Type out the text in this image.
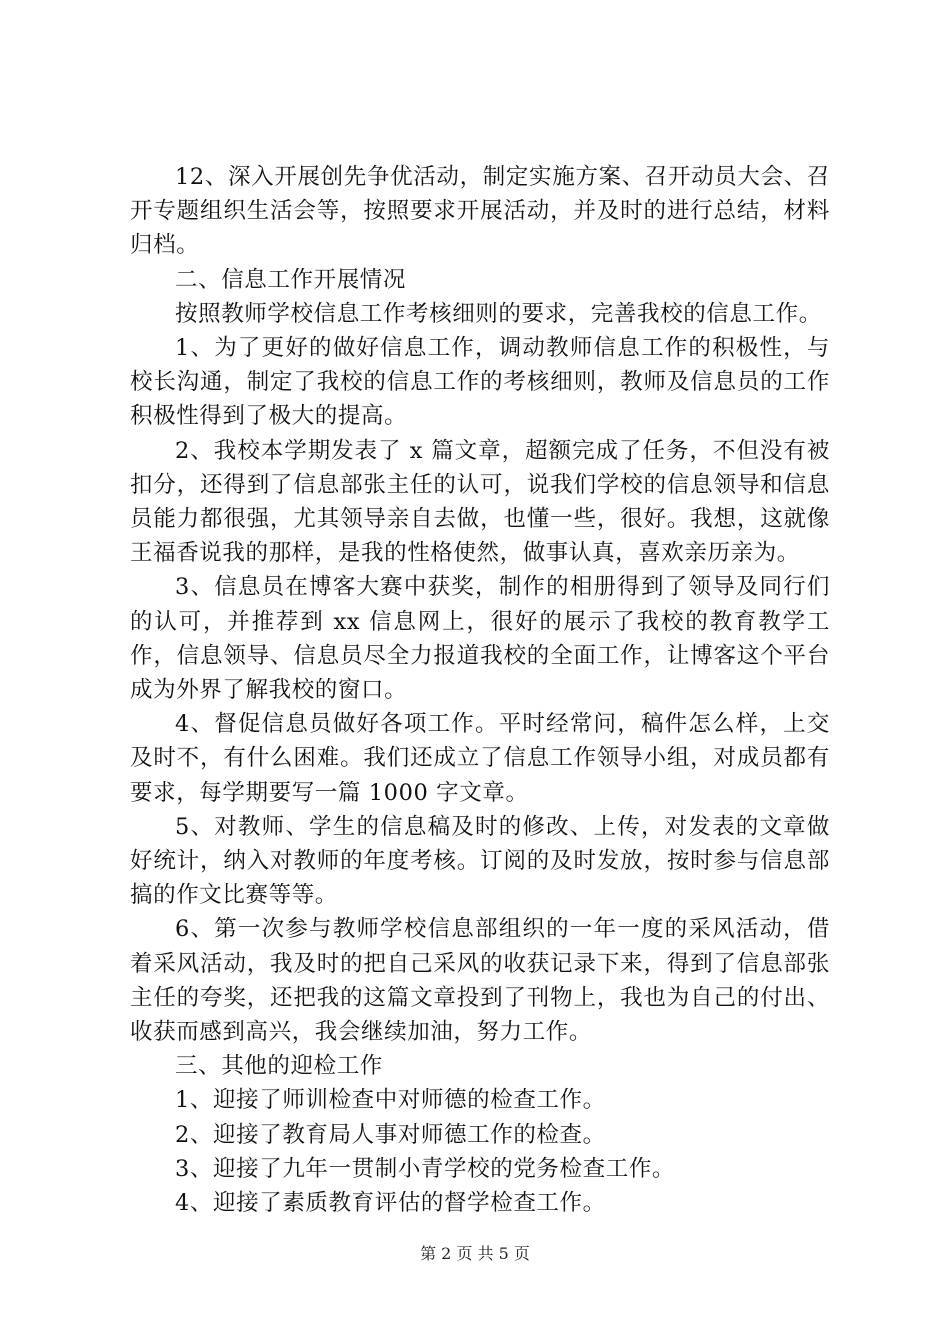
12、深入开展创先争优活动，制定实施方案、召开动员大会、召开专题组织生活会等，按照要求开展活动，并及时的进行总结，材料归档。

二、信息工作开展情况

按照教师学校信息工作考核细则的要求，完善我校的信息工作。

1、为了更好的做好信息工作，调动教师信息工作的积极性，与校长沟通，制定了我校的信息工作的考核细则，教师及信息员的工作积极性得到了极大的提高。

2、我校本学期发表了 x 篇文章，超额完成了任务，不但没有被扣分，还得到了信息部张主任的认可，说我们学校的信息领导和信息员能力都很强，尤其领导亲自去做，也懂一些，很好。我想，这就像王福香说我的那样，是我的性格使然，做事认真，喜欢亲历亲为。

3、信息员在博客大赛中获奖，制作的相册得到了领导及同行们的认可，并推荐到 xx 信息网上，很好的展示了我校的教育教学工作，信息领导、信息员尽全力报道我校的全面工作，让博客这个平台成为外界了解我校的窗口。

4、督促信息员做好各项工作。平时经常问，稿件怎么样，上交及时不，有什么困难。我们还成立了信息工作领导小组，对成员都有要求，每学期要写一篇 1000 字文章。

5、对教师、学生的信息稿及时的修改、上传，对发表的文章做好统计，纳入对教师的年度考核。订阅的及时发放，按时参与信息部搞的作文比赛等等。

6、第一次参与教师学校信息部组织的一年一度的采风活动，借着采风活动，我及时的把自己采风的收获记录下来，得到了信息部张主任的夸奖，还把我的这篇文章投到了刊物上，我也为自己的付出、收获而感到高兴，我会继续加油，努力工作。

三、其他的迎检工作

1、迎接了师训检查中对师德的检查工作。

2、迎接了教育局人事对师德工作的检查。

3、迎接了九年一贯制小青学校的党务检查工作。

4、迎接了素质教育评估的督学检查工作。

第 2 页 共 5 页
